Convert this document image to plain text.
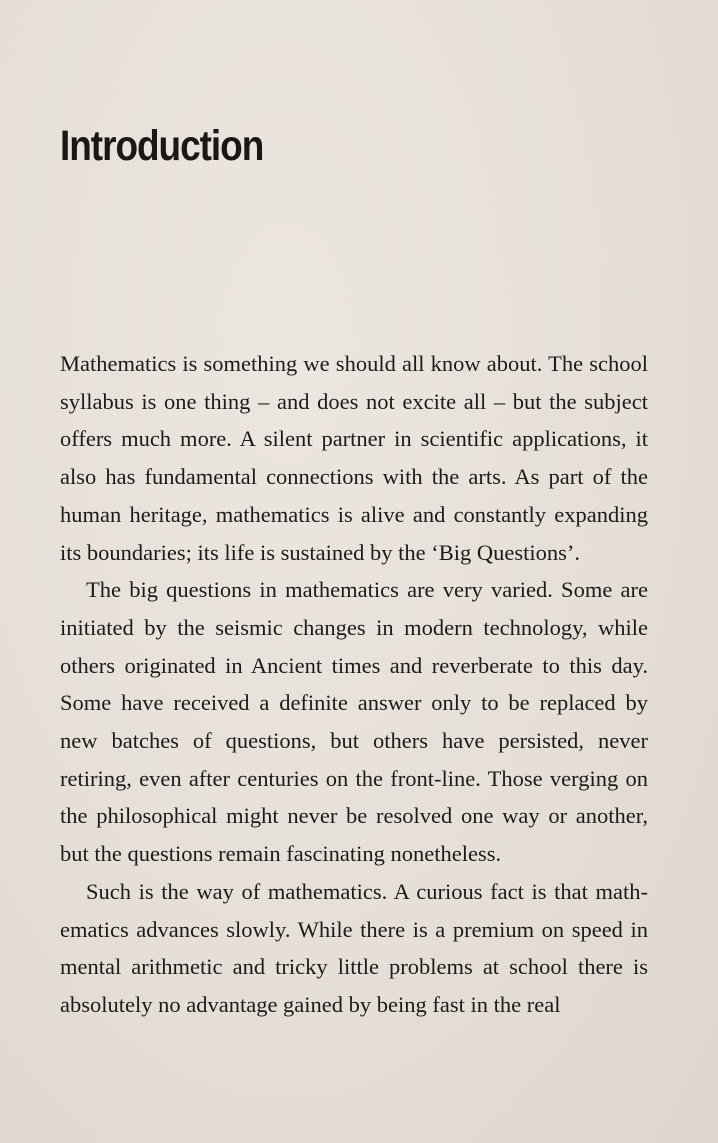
Introduction

Mathematics is something we should all know about. The school syllabus is one thing – and does not excite all – but the subject offers much more. A silent partner in scientific applications, it also has fundamental connections with the arts. As part of the human heritage, mathematics is alive and constantly expanding its boundaries; its life is sustained by the ‘Big Questions’.

The big questions in mathematics are very varied. Some are initiated by the seismic changes in modern technology, while others originated in Ancient times and reverberate to this day. Some have received a definite answer only to be replaced by new batches of questions, but others have persisted, never retiring, even after centuries on the front-line. Those verging on the philosophical might never be resolved one way or another, but the questions remain fascinating nonetheless.

Such is the way of mathematics. A curious fact is that math-ematics advances slowly. While there is a premium on speed in mental arithmetic and tricky little problems at school there is absolutely no advantage gained by being fast in the real
